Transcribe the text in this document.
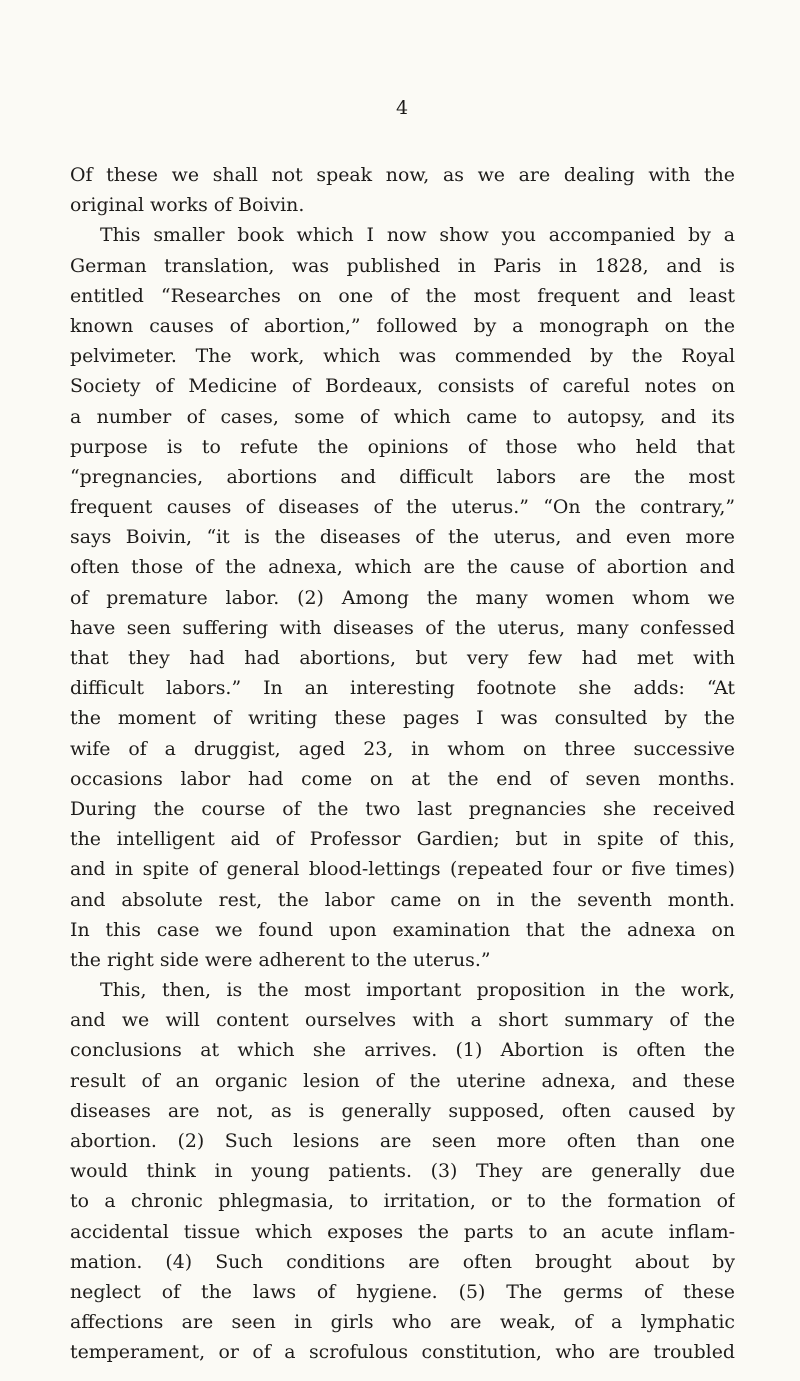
4
Of these we shall not speak now, as we are dealing with the
original works of Boivin.
This smaller book which I now show you accompanied by a
German translation, was published in Paris in 1828, and is
entitled “Researches on one of the most frequent and least
known causes of abortion,” followed by a monograph on the
pelvimeter. The work, which was commended by the Royal
Society of Medicine of Bordeaux, consists of careful notes on
a number of cases, some of which came to autopsy, and its
purpose is to refute the opinions of those who held that
“pregnancies, abortions and difficult labors are the most
frequent causes of diseases of the uterus.” “On the contrary,”
says Boivin, “it is the diseases of the uterus, and even more
often those of the adnexa, which are the cause of abortion and
of premature labor. (2) Among the many women whom we
have seen suffering with diseases of the uterus, many confessed
that they had had abortions, but very few had met with
difficult labors.” In an interesting footnote she adds: “At
the moment of writing these pages I was consulted by the
wife of a druggist, aged 23, in whom on three successive
occasions labor had come on at the end of seven months.
During the course of the two last pregnancies she received
the intelligent aid of Professor Gardien; but in spite of this,
and in spite of general blood-lettings (repeated four or five times)
and absolute rest, the labor came on in the seventh month.
In this case we found upon examination that the adnexa on
the right side were adherent to the uterus.”
This, then, is the most important proposition in the work,
and we will content ourselves with a short summary of the
conclusions at which she arrives. (1) Abortion is often the
result of an organic lesion of the uterine adnexa, and these
diseases are not, as is generally supposed, often caused by
abortion. (2) Such lesions are seen more often than one
would think in young patients. (3) They are generally due
to a chronic phlegmasia, to irritation, or to the formation of
accidental tissue which exposes the parts to an acute inflam-
mation. (4) Such conditions are often brought about by
neglect of the laws of hygiene. (5) The germs of these
affections are seen in girls who are weak, of a lymphatic
temperament, or of a scrofulous constitution, who are troubled
